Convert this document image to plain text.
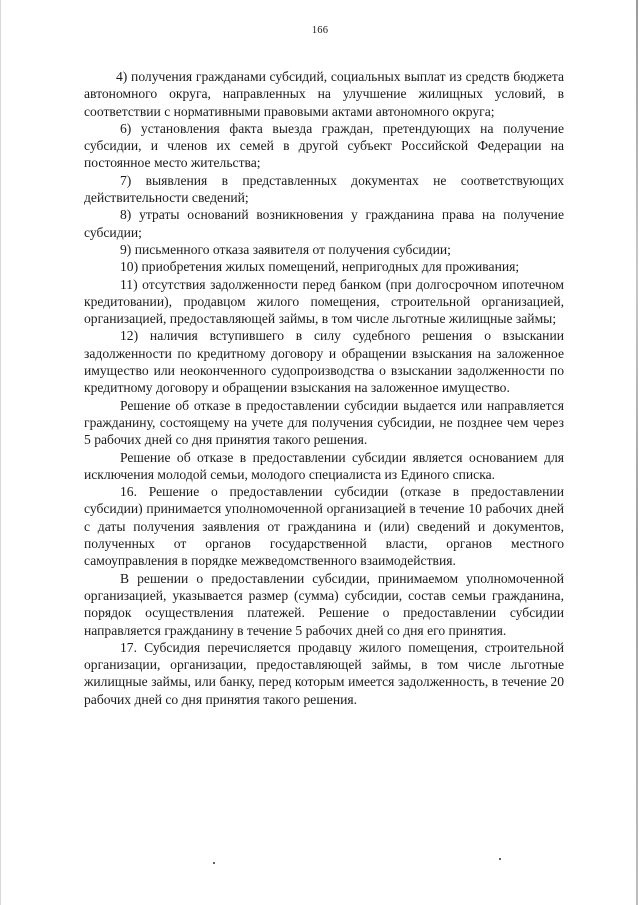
166

4) получения гражданами субсидий, социальных выплат из средств бюджета автономного округа, направленных на улучшение жилищных условий, в соответствии с нормативными правовыми актами автономного округа;

6) установления факта выезда граждан, претендующих на получение субсидии, и членов их семей в другой субъект Российской Федерации на постоянное место жительства;

7) выявления в представленных документах не соответствующих действительности сведений;

8) утраты оснований возникновения у гражданина права на получение субсидии;

9) письменного отказа заявителя от получения субсидии;

10) приобретения жилых помещений, непригодных для проживания;

11) отсутствия задолженности перед банком (при долгосрочном ипотечном кредитовании), продавцом жилого помещения, строительной организацией, организацией, предоставляющей займы, в том числе льготные жилищные займы;

12) наличия вступившего в силу судебного решения о взыскании задолженности по кредитному договору и обращении взыскания на заложенное имущество или неоконченного судопроизводства о взыскании задолженности по кредитному договору и обращении взыскания на заложенное имущество.

Решение об отказе в предоставлении субсидии выдается или направляется гражданину, состоящему на учете для получения субсидии, не позднее чем через 5 рабочих дней со дня принятия такого решения.

Решение об отказе в предоставлении субсидии является основанием для исключения молодой семьи, молодого специалиста из Единого списка.

16. Решение о предоставлении субсидии (отказе в предоставлении субсидии) принимается уполномоченной организацией в течение 10 рабочих дней с даты получения заявления от гражданина и (или) сведений и документов, полученных от органов государственной власти, органов местного самоуправления в порядке межведомственного взаимодействия.

В решении о предоставлении субсидии, принимаемом уполномоченной организацией, указывается размер (сумма) субсидии, состав семьи гражданина, порядок осуществления платежей. Решение о предоставлении субсидии направляется гражданину в течение 5 рабочих дней со дня его принятия.

17. Субсидия перечисляется продавцу жилого помещения, строительной организации, организации, предоставляющей займы, в том числе льготные жилищные займы, или банку, перед которым имеется задолженность, в течение 20 рабочих дней со дня принятия такого решения.
